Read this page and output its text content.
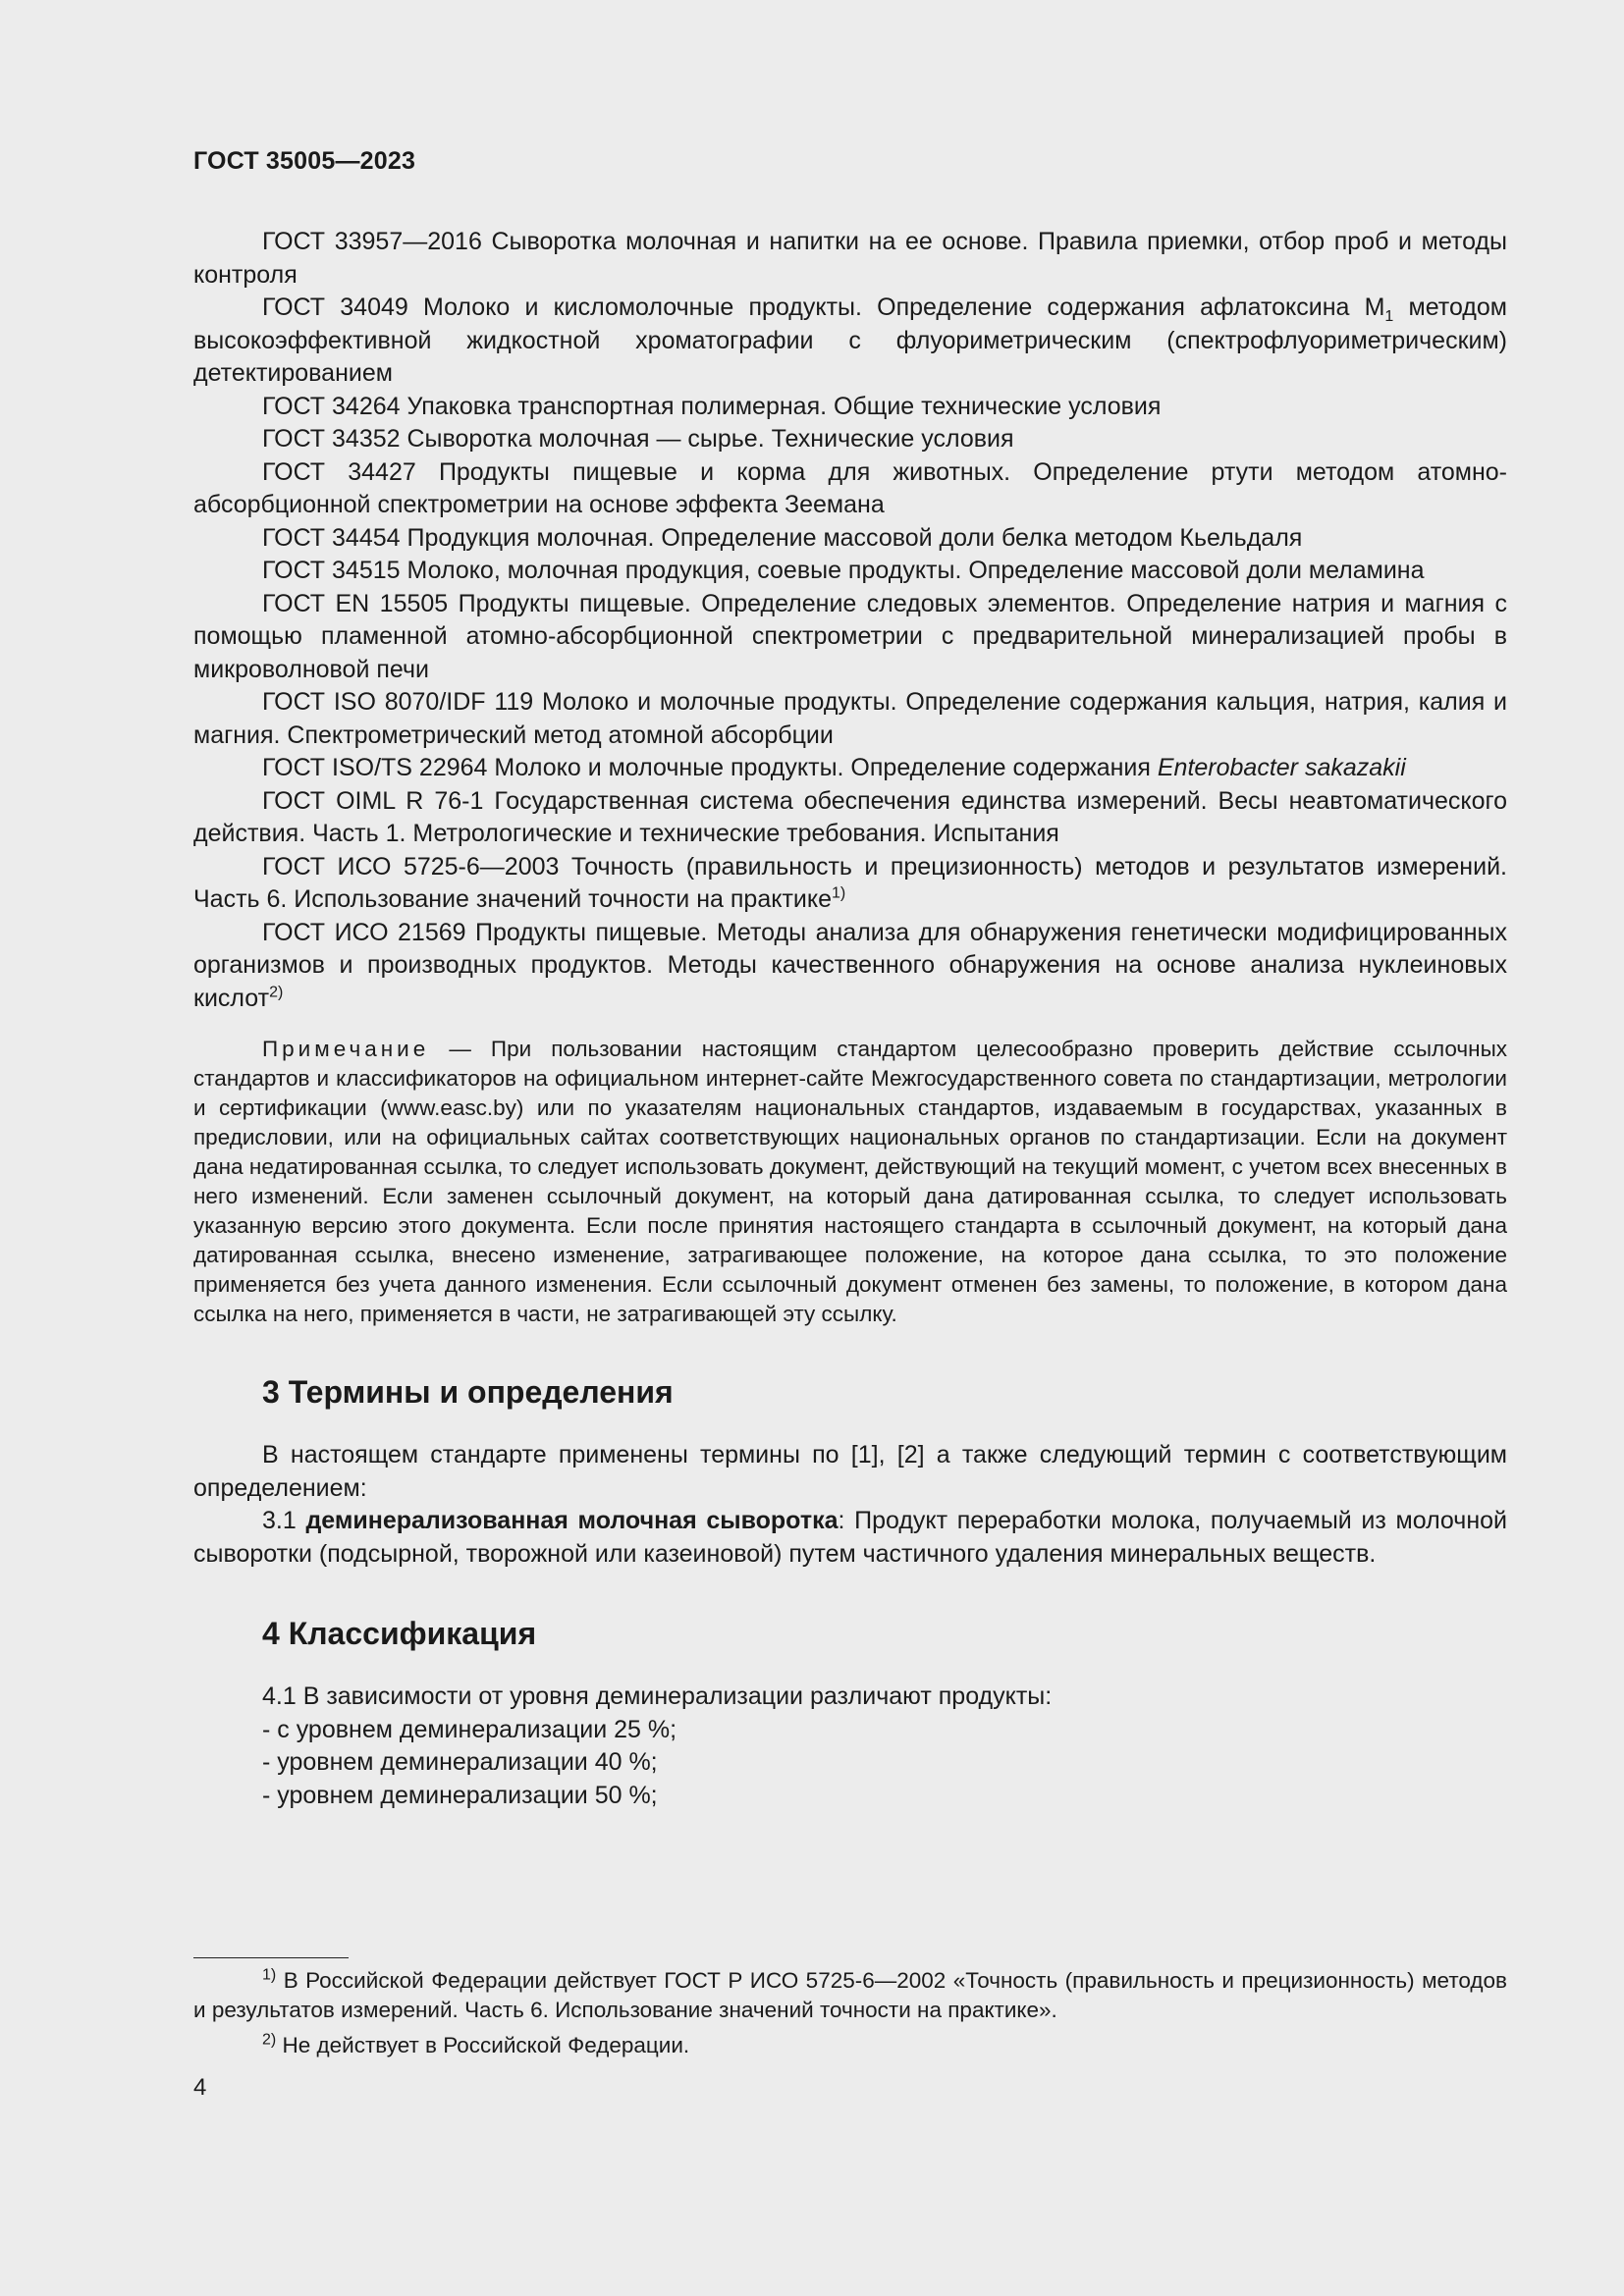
ГОСТ 35005—2023

ГОСТ 33957—2016 Сыворотка молочная и напитки на ее основе. Правила приемки, отбор проб и методы контроля

ГОСТ 34049 Молоко и кисломолочные продукты. Определение содержания афлатоксина $M_1$ методом высокоэффективной жидкостной хроматографии с флуориметрическим (спектрофлуориметрическим) детектированием

ГОСТ 34264 Упаковка транспортная полимерная. Общие технические условия

ГОСТ 34352 Сыворотка молочная — сырье. Технические условия

ГОСТ 34427 Продукты пищевые и корма для животных. Определение ртути методом атомно-абсорбционной спектрометрии на основе эффекта Зеемана

ГОСТ 34454 Продукция молочная. Определение массовой доли белка методом Кьельдаля

ГОСТ 34515 Молоко, молочная продукция, соевые продукты. Определение массовой доли меламина

ГОСТ EN 15505 Продукты пищевые. Определение следовых элементов. Определение натрия и магния с помощью пламенной атомно-абсорбционной спектрометрии с предварительной минерализацией пробы в микроволновой печи

ГОСТ ISO 8070/IDF 119 Молоко и молочные продукты. Определение содержания кальция, натрия, калия и магния. Спектрометрический метод атомной абсорбции

ГОСТ ISO/TS 22964 Молоко и молочные продукты. Определение содержания Enterobacter sakazakii

ГОСТ OIML R 76-1 Государственная система обеспечения единства измерений. Весы неавтоматического действия. Часть 1. Метрологические и технические требования. Испытания

ГОСТ ИСО 5725-6—2003 Точность (правильность и прецизионность) методов и результатов измерений. Часть 6. Использование значений точности на практике$^{1)}$

ГОСТ ИСО 21569 Продукты пищевые. Методы анализа для обнаружения генетически модифицированных организмов и производных продуктов. Методы качественного обнаружения на основе анализа нуклеиновых кислот$^{2)}$

Примечание — При пользовании настоящим стандартом целесообразно проверить действие ссылочных стандартов и классификаторов на официальном интернет-сайте Межгосударственного совета по стандартизации, метрологии и сертификации (www.easc.by) или по указателям национальных стандартов, издаваемым в государствах, указанных в предисловии, или на официальных сайтах соответствующих национальных органов по стандартизации. Если на документ дана недатированная ссылка, то следует использовать документ, действующий на текущий момент, с учетом всех внесенных в него изменений. Если заменен ссылочный документ, на который дана датированная ссылка, то следует использовать указанную версию этого документа. Если после принятия настоящего стандарта в ссылочный документ, на который дана датированная ссылка, внесено изменение, затрагивающее положение, на которое дана ссылка, то это положение применяется без учета данного изменения. Если ссылочный документ отменен без замены, то положение, в котором дана ссылка на него, применяется в части, не затрагивающей эту ссылку.

3 Термины и определения

В настоящем стандарте применены термины по [1], [2] а также следующий термин с соответствующим определением:

3.1 деминерализованная молочная сыворотка: Продукт переработки молока, получаемый из молочной сыворотки (подсырной, творожной или казеиновой) путем частичного удаления минеральных веществ.

4 Классификация

4.1 В зависимости от уровня деминерализации различают продукты:

- с уровнем деминерализации 25 %;
- уровнем деминерализации 40 %;
- уровнем деминерализации 50 %;

$^{1)}$ В Российской Федерации действует ГОСТ Р ИСО 5725-6—2002 «Точность (правильность и прецизионность) методов и результатов измерений. Часть 6. Использование значений точности на практике».

$^{2)}$ Не действует в Российской Федерации.

4
